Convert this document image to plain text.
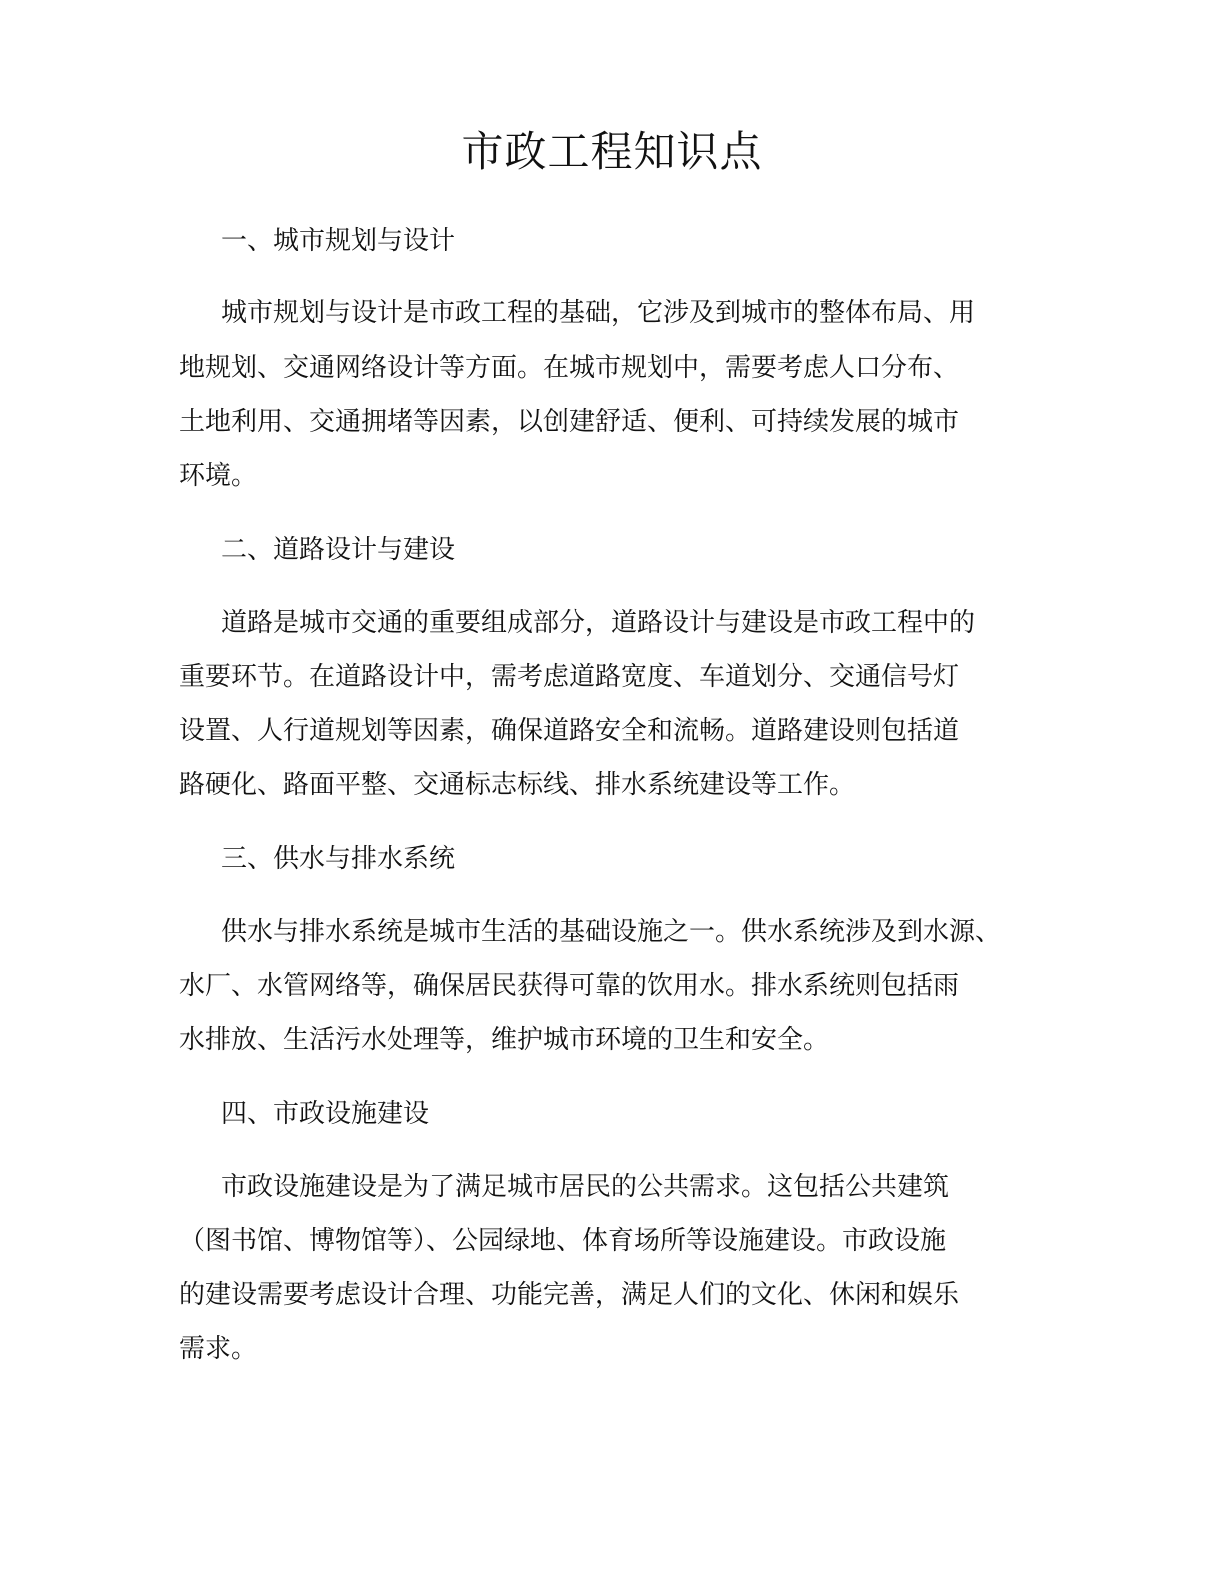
市政工程知识点
一、城市规划与设计
城市规划与设计是市政工程的基础，它涉及到城市的整体布局、用
地规划、交通网络设计等方面。在城市规划中，需要考虑人口分布、
土地利用、交通拥堵等因素，以创建舒适、便利、可持续发展的城市
环境。
二、道路设计与建设
道路是城市交通的重要组成部分，道路设计与建设是市政工程中的
重要环节。在道路设计中，需考虑道路宽度、车道划分、交通信号灯
设置、人行道规划等因素，确保道路安全和流畅。道路建设则包括道
路硬化、路面平整、交通标志标线、排水系统建设等工作。
三、供水与排水系统
供水与排水系统是城市生活的基础设施之一。供水系统涉及到水源、
水厂、水管网络等，确保居民获得可靠的饮用水。排水系统则包括雨
水排放、生活污水处理等，维护城市环境的卫生和安全。
四、市政设施建设
市政设施建设是为了满足城市居民的公共需求。这包括公共建筑
（图书馆、博物馆等）、公园绿地、体育场所等设施建设。市政设施
的建设需要考虑设计合理、功能完善，满足人们的文化、休闲和娱乐
需求。
